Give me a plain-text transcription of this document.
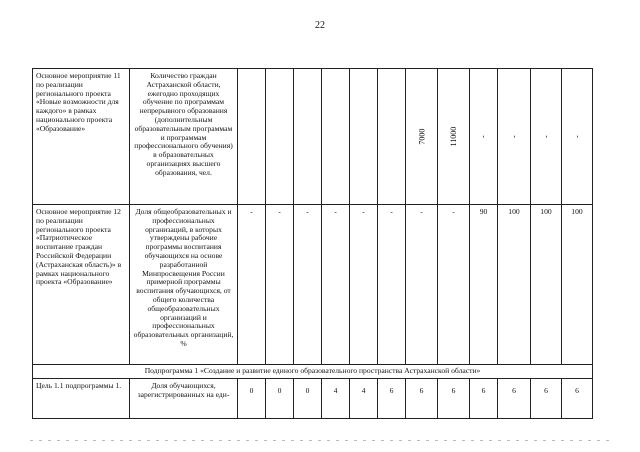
22
Основное мероприятие 11 по реализации регионального проекта «Новые возможности для каждого» в рамках национального проекта «Образование»	Количество граждан Астраханской области, ежегодно проходящих обучение по программам непрерывного образования (дополнительным образовательным программам и программам профессионального обучения) в образовательных организациях высшего образования, чел.							7000	11000	-	-	-	-
Основное мероприятие 12 по реализации регионального проекта «Патриотическое воспитание граждан Российской Федерации (Астраханская область)» в рамках национального проекта «Образование»	Доля общеобразовательных и профессиональных организаций, в которых утверждены рабочие программы воспитания обучающихся на основе разработанной Минпросвещения России примерной программы воспитания обучающихся, от общего количества общеобразовательных организаций и профессиональных образовательных организаций, %	-	-	-	-	-	-	-	-	90	100	100	100
Подпрограмма 1 «Создание и развитие единого образовательного пространства Астраханской области»													
Цель 1.1 подпрограммы 1.	Доля обучающихся, зарегистрированных на еди-	0	0	0	4	4	6	6	6	6	6	6	6
